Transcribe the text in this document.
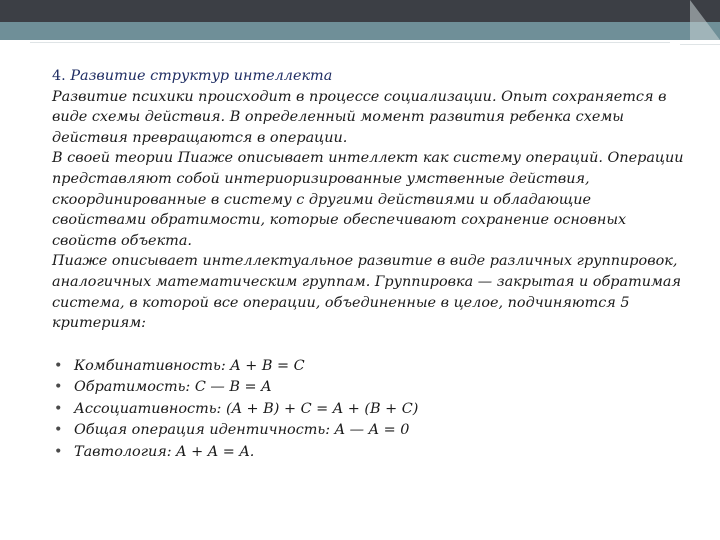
4. Развитие структур интеллекта

Развитие психики происходит в процессе социализации. Опыт сохраняется в виде схемы действия. В определенный момент развития ребенка схемы действия превращаются в операции.

В своей теории Пиаже описывает интеллект как систему операций. Операции представляют собой интериоризированные умственные действия, скоординированные в систему с другими действиями и обладающие свойствами обратимости, которые обеспечивают сохранение основных свойств объекта.

Пиаже описывает интеллектуальное развитие в виде различных группировок, аналогичных математическим группам. Группировка — закрытая и обратимая система, в которой все операции, объединенные в целое, подчиняются 5 критериям:

• Комбинативность: A + B = C
• Обратимость: C — B = A
• Ассоциативность: (A + B) + C = A + (B + C)
• Общая операция идентичность: A — A = 0
• Тавтология: A + A = A.
